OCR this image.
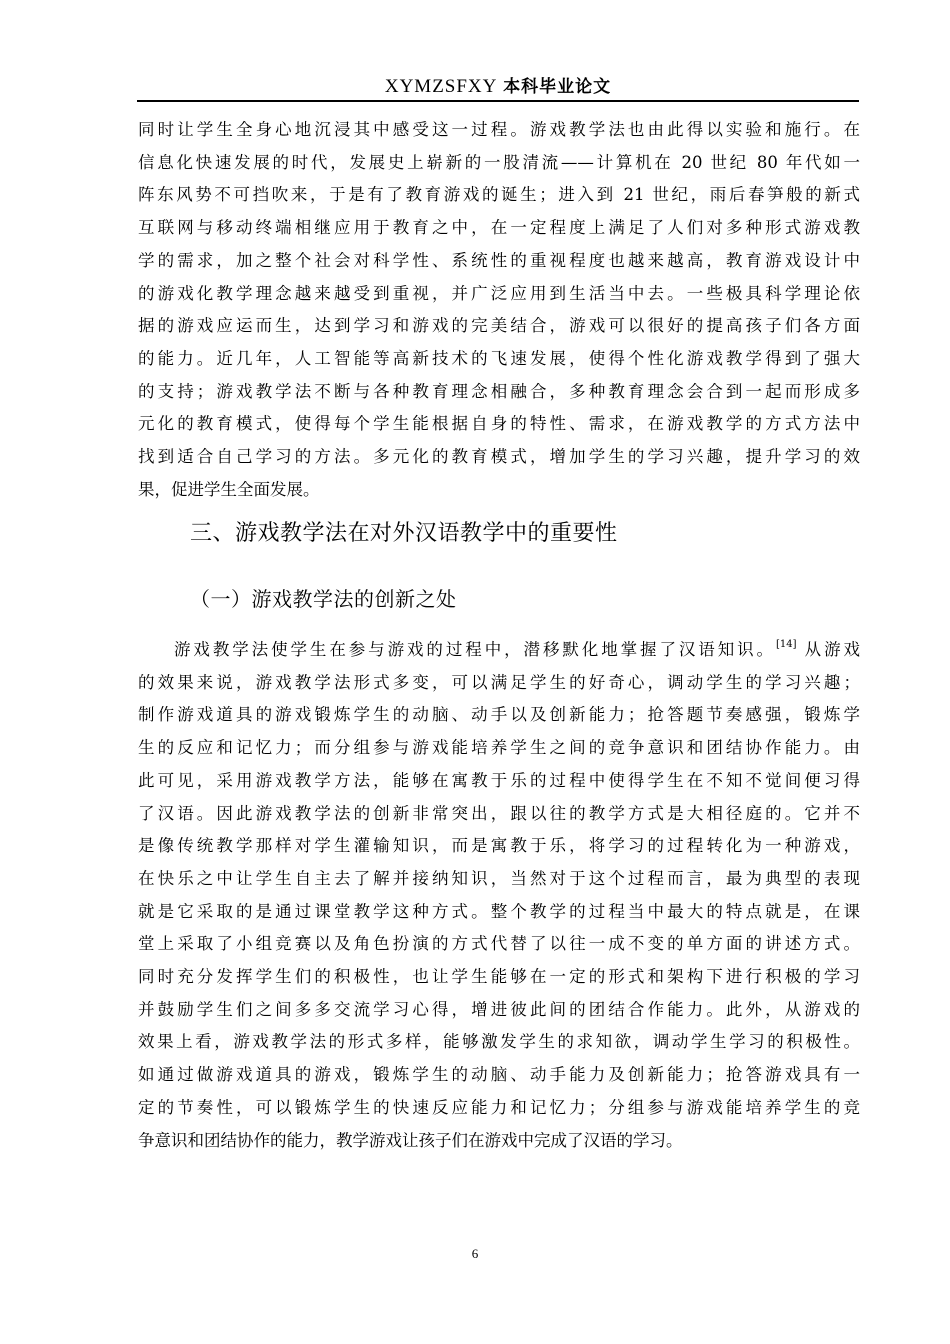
XYMZSFXY 本科毕业论文
同时让学生全身心地沉浸其中感受这一过程。游戏教学法也由此得以实验和施行。在
信息化快速发展的时代，发展史上崭新的一股清流——计算机在 20 世纪 80 年代如一
阵东风势不可挡吹来，于是有了教育游戏的诞生；进入到 21 世纪，雨后春笋般的新式
互联网与移动终端相继应用于教育之中，在一定程度上满足了人们对多种形式游戏教
学的需求，加之整个社会对科学性、系统性的重视程度也越来越高，教育游戏设计中
的游戏化教学理念越来越受到重视，并广泛应用到生活当中去。一些极具科学理论依
据的游戏应运而生，达到学习和游戏的完美结合，游戏可以很好的提高孩子们各方面
的能力。近几年，人工智能等高新技术的飞速发展，使得个性化游戏教学得到了强大
的支持；游戏教学法不断与各种教育理念相融合，多种教育理念会合到一起而形成多
元化的教育模式，使得每个学生能根据自身的特性、需求，在游戏教学的方式方法中
找到适合自己学习的方法。多元化的教育模式，增加学生的学习兴趣，提升学习的效
果，促进学生全面发展。
三、游戏教学法在对外汉语教学中的重要性
（一）游戏教学法的创新之处
游戏教学法使学生在参与游戏的过程中，潜移默化地掌握了汉语知识。[14] 从游戏
的效果来说，游戏教学法形式多变，可以满足学生的好奇心，调动学生的学习兴趣；
制作游戏道具的游戏锻炼学生的动脑、动手以及创新能力；抢答题节奏感强，锻炼学
生的反应和记忆力；而分组参与游戏能培养学生之间的竞争意识和团结协作能力。由
此可见，采用游戏教学方法，能够在寓教于乐的过程中使得学生在不知不觉间便习得
了汉语。因此游戏教学法的创新非常突出，跟以往的教学方式是大相径庭的。它并不
是像传统教学那样对学生灌输知识，而是寓教于乐，将学习的过程转化为一种游戏，
在快乐之中让学生自主去了解并接纳知识，当然对于这个过程而言，最为典型的表现
就是它采取的是通过课堂教学这种方式。整个教学的过程当中最大的特点就是，在课
堂上采取了小组竞赛以及角色扮演的方式代替了以往一成不变的单方面的讲述方式。
同时充分发挥学生们的积极性，也让学生能够在一定的形式和架构下进行积极的学习
并鼓励学生们之间多多交流学习心得，增进彼此间的团结合作能力。此外，从游戏的
效果上看，游戏教学法的形式多样，能够激发学生的求知欲，调动学生学习的积极性。
如通过做游戏道具的游戏，锻炼学生的动脑、动手能力及创新能力；抢答游戏具有一
定的节奏性，可以锻炼学生的快速反应能力和记忆力；分组参与游戏能培养学生的竞
争意识和团结协作的能力，教学游戏让孩子们在游戏中完成了汉语的学习。
6
